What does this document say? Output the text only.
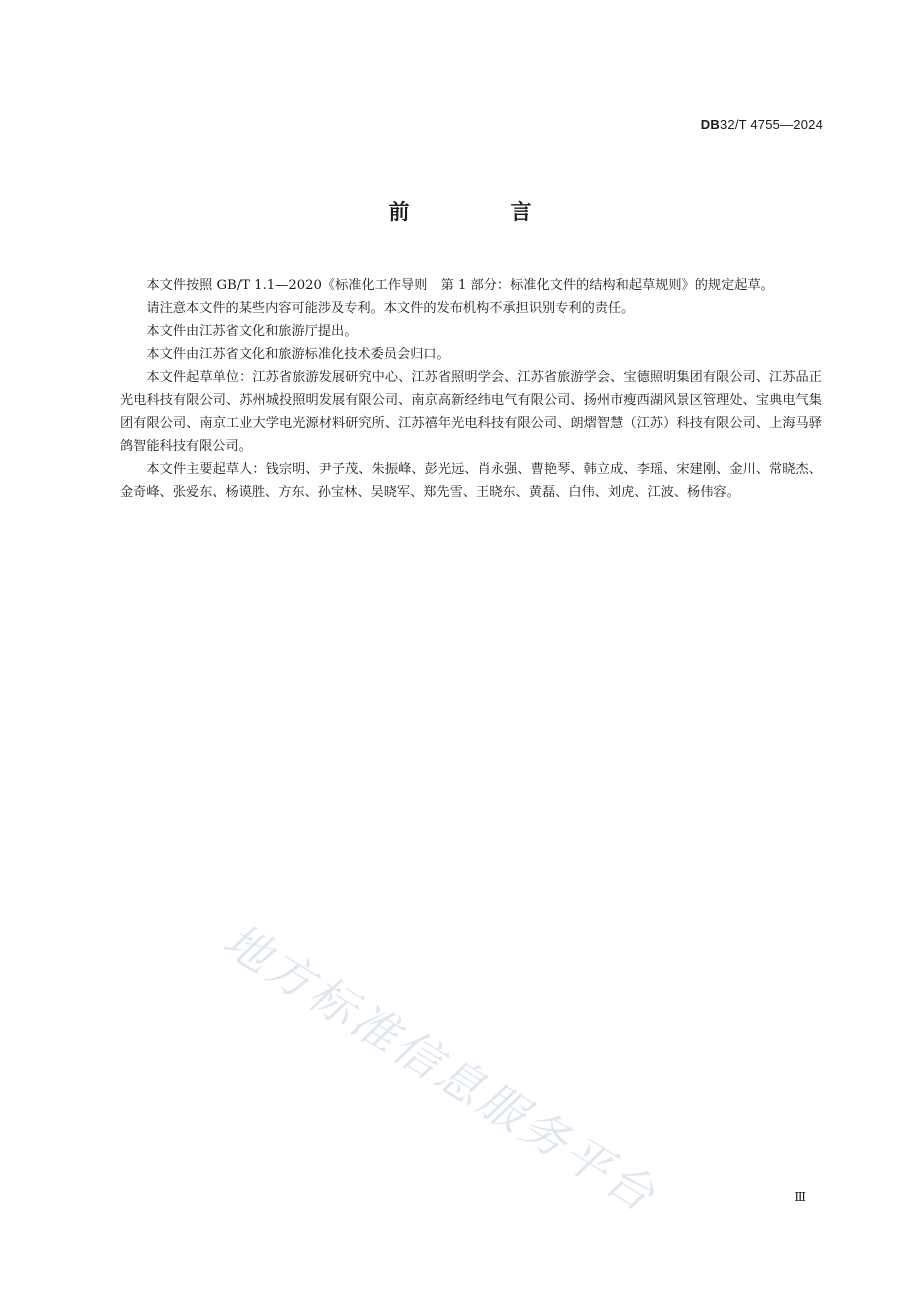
DB32/T 4755—2024
前　言

本文件按照 GB/T 1.1—2020《标准化工作导则　第 1 部分：标准化文件的结构和起草规则》的规定起草。

请注意本文件的某些内容可能涉及专利。本文件的发布机构不承担识别专利的责任。

本文件由江苏省文化和旅游厅提出。

本文件由江苏省文化和旅游标准化技术委员会归口。

本文件起草单位：江苏省旅游发展研究中心、江苏省照明学会、江苏省旅游学会、宝德照明集团有限公司、江苏品正光电科技有限公司、苏州城投照明发展有限公司、南京高新经纬电气有限公司、扬州市瘦西湖风景区管理处、宝典电气集团有限公司、南京工业大学电光源材料研究所、江苏禧年光电科技有限公司、朗熠智慧（江苏）科技有限公司、上海马驿鸽智能科技有限公司。

本文件主要起草人：钱宗明、尹子茂、朱振峰、彭光远、肖永强、曹艳琴、韩立成、李瑶、宋建刚、金川、常晓杰、金奇峰、张爱东、杨谟胜、方东、孙宝林、吴晓军、郑先雪、王晓东、黄磊、白伟、刘虎、江波、杨伟容。

地方标准信息服务平台	Ⅲ
